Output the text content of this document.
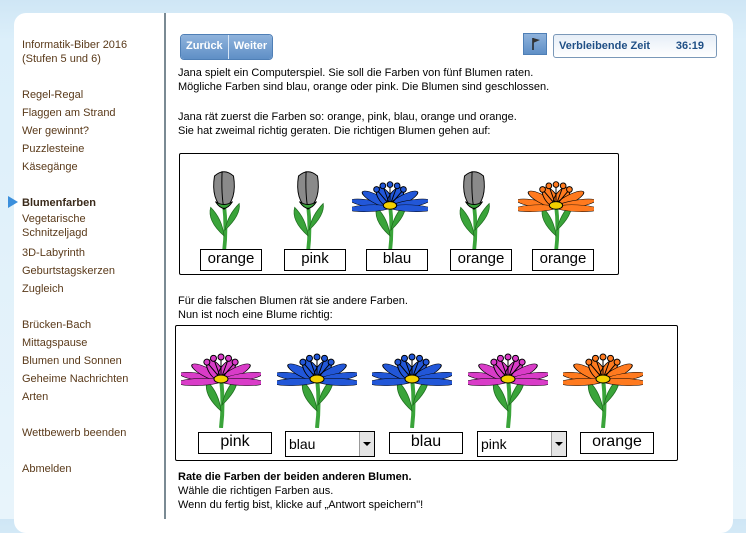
Informatik-Biber 2016
(Stufen 5 und 6)
Regel-Regal
Flaggen am Strand
Wer gewinnt?
Puzzlesteine
Käsegänge
Blumenfarben
Vegetarische
Schnitzeljagd
3D-Labyrinth
Geburtstagskerzen
Zugleich
Brücken-Bach
Mittagspause
Blumen und Sonnen
Geheime Nachrichten
Arten
Wettbewerb beenden
Abmelden
Zurück	Weiter	Verbleibende Zeit 36:19
Jana spielt ein Computerspiel. Sie soll die Farben von fünf Blumen raten.
Mögliche Farben sind blau, orange oder pink. Die Blumen sind geschlossen.
Jana rät zuerst die Farben so: orange, pink, blau, orange und orange.
Sie hat zweimal richtig geraten. Die richtigen Blumen gehen auf:
orange	pink	blau	orange	orange
Für die falschen Blumen rät sie andere Farben.
Nun ist noch eine Blume richtig:
pink	blau	blau	pink	orange
Rate die Farben der beiden anderen Blumen.
Wähle die richtigen Farben aus.
Wenn du fertig bist, klicke auf „Antwort speichern"!
